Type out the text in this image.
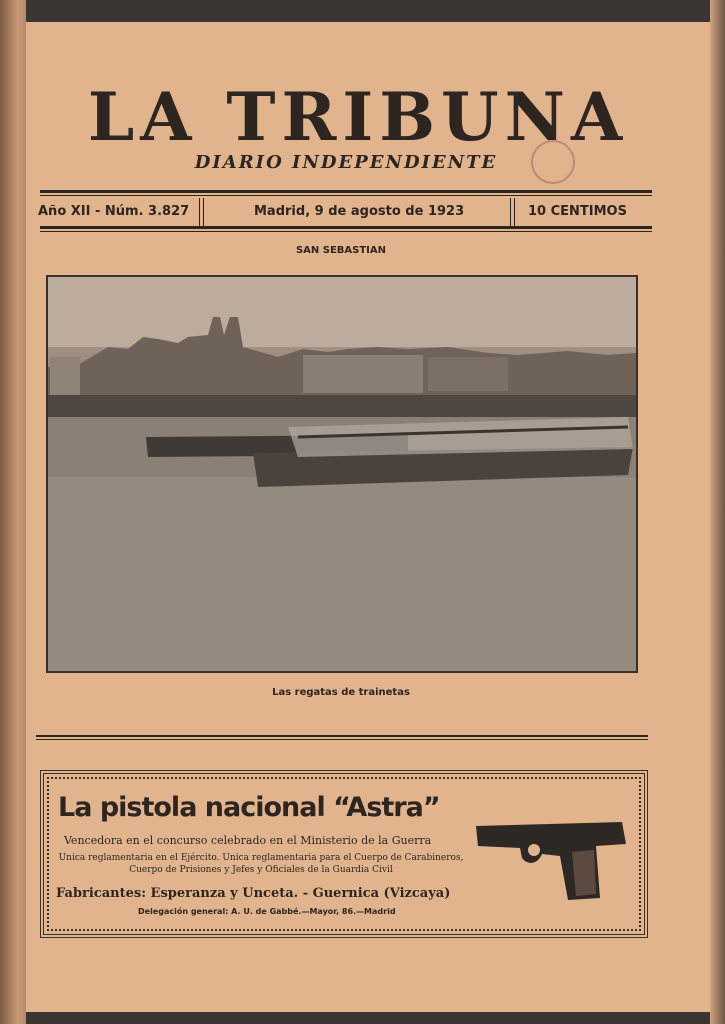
LA TRIBUNA
DIARIO INDEPENDIENTE
Año XII - Núm. 3.827	Madrid, 9 de agosto de 1923	10 CENTIMOS
SAN SEBASTIAN
Las regatas de trainetas
La pistola nacional “Astra”
Vencedora en el concurso celebrado en el Ministerio de la Guerra
Unica reglamentaria en el Ejército. Unica reglamentaria para el Cuerpo de Carabineros, Cuerpo de Prisiones y Jefes y Oficiales de la Guardia Civil
Fabricantes: Esperanza y Unceta. - Guernica (Vizcaya)
Delegación general: A. U. de Gabbé.—Mayor, 86.—Madrid
